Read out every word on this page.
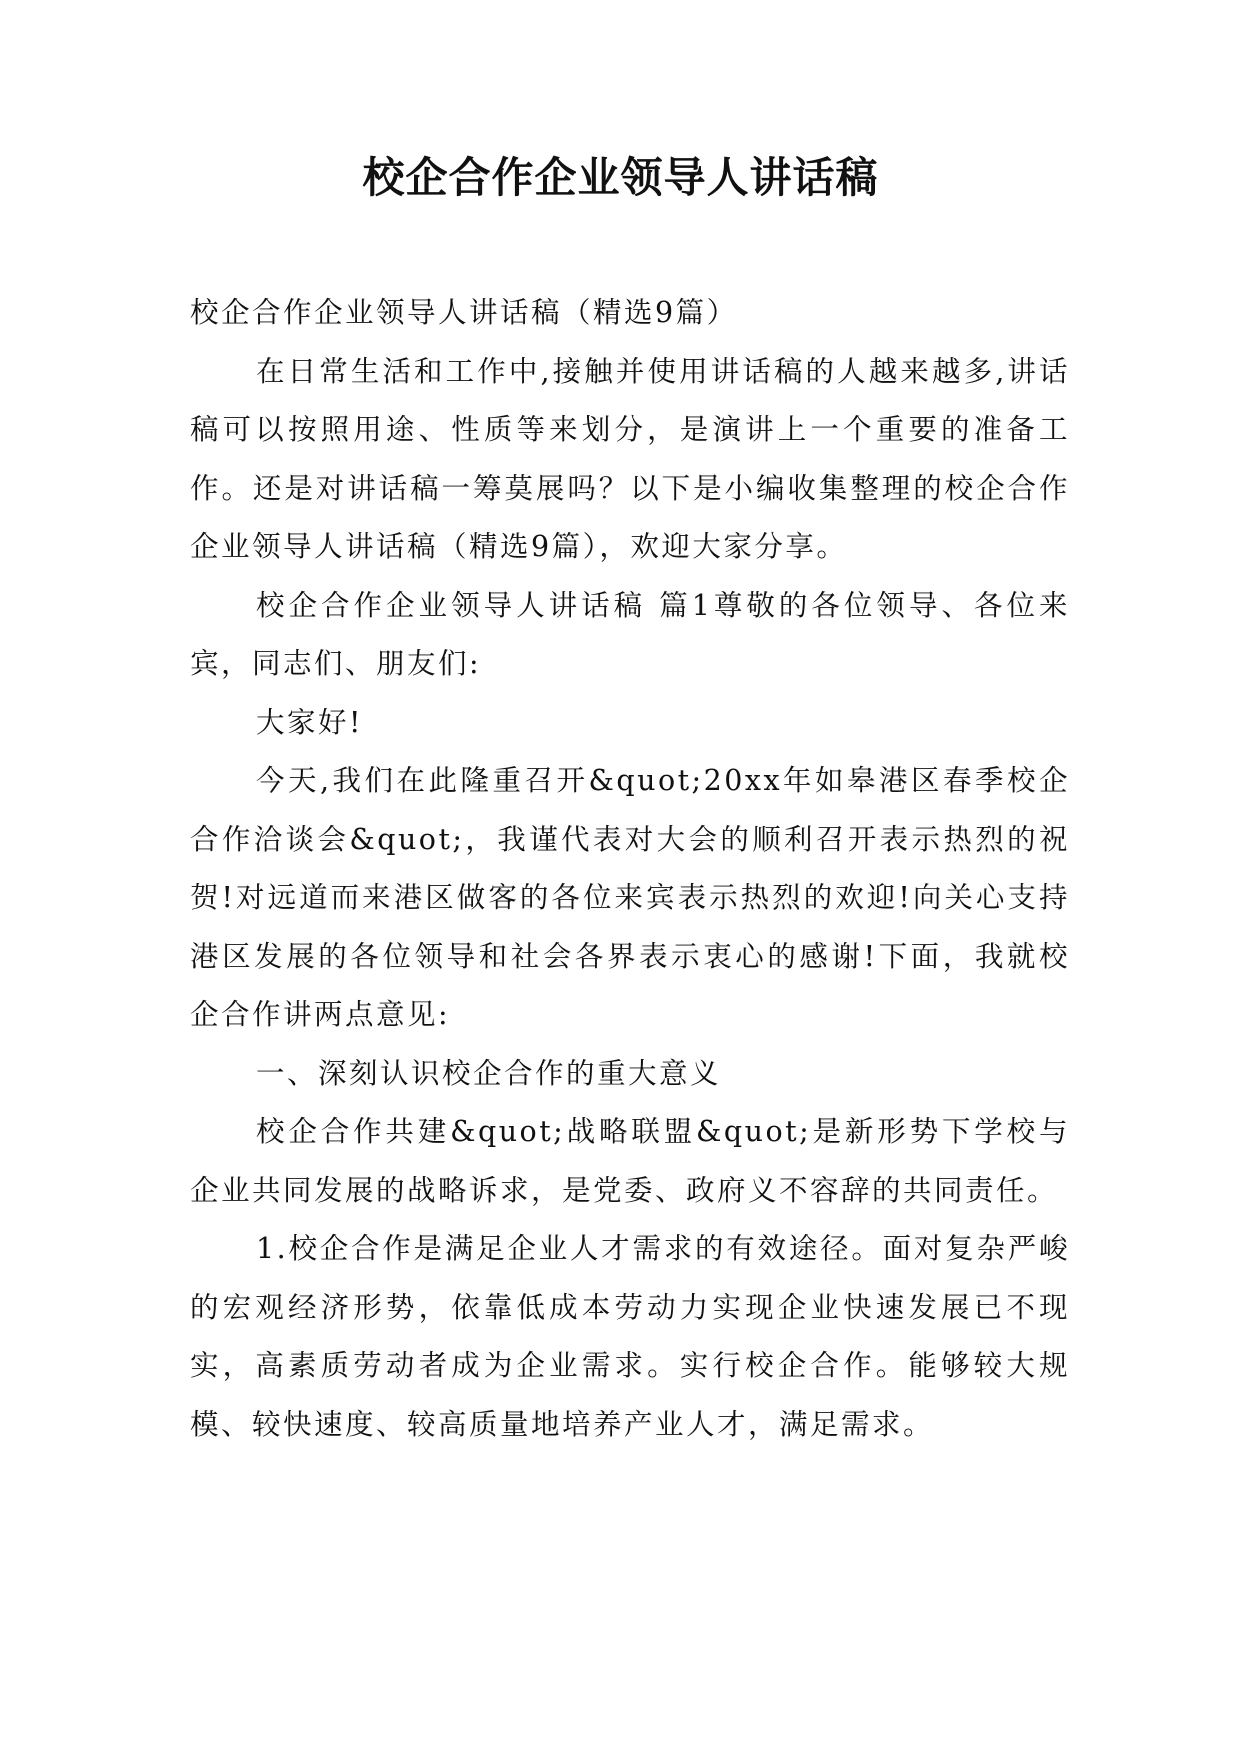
校企合作企业领导人讲话稿

校企合作企业领导人讲话稿（精选9篇）

在日常生活和工作中,接触并使用讲话稿的人越来越多,讲话稿可以按照用途、性质等来划分，是演讲上一个重要的准备工作。还是对讲话稿一筹莫展吗？以下是小编收集整理的校企合作企业领导人讲话稿（精选9篇），欢迎大家分享。

校企合作企业领导人讲话稿 篇1尊敬的各位领导、各位来宾，同志们、朋友们:

大家好!

今天,我们在此隆重召开&quot;20xx年如皋港区春季校企合作洽谈会&quot;，我谨代表对大会的顺利召开表示热烈的祝贺!对远道而来港区做客的各位来宾表示热烈的欢迎!向关心支持港区发展的各位领导和社会各界表示衷心的感谢!下面，我就校企合作讲两点意见:

一、深刻认识校企合作的重大意义

校企合作共建&quot;战略联盟&quot;是新形势下学校与企业共同发展的战略诉求，是党委、政府义不容辞的共同责任。

1.校企合作是满足企业人才需求的有效途径。面对复杂严峻的宏观经济形势，依靠低成本劳动力实现企业快速发展已不现实，高素质劳动者成为企业需求。实行校企合作。能够较大规模、较快速度、较高质量地培养产业人才，满足需求。
